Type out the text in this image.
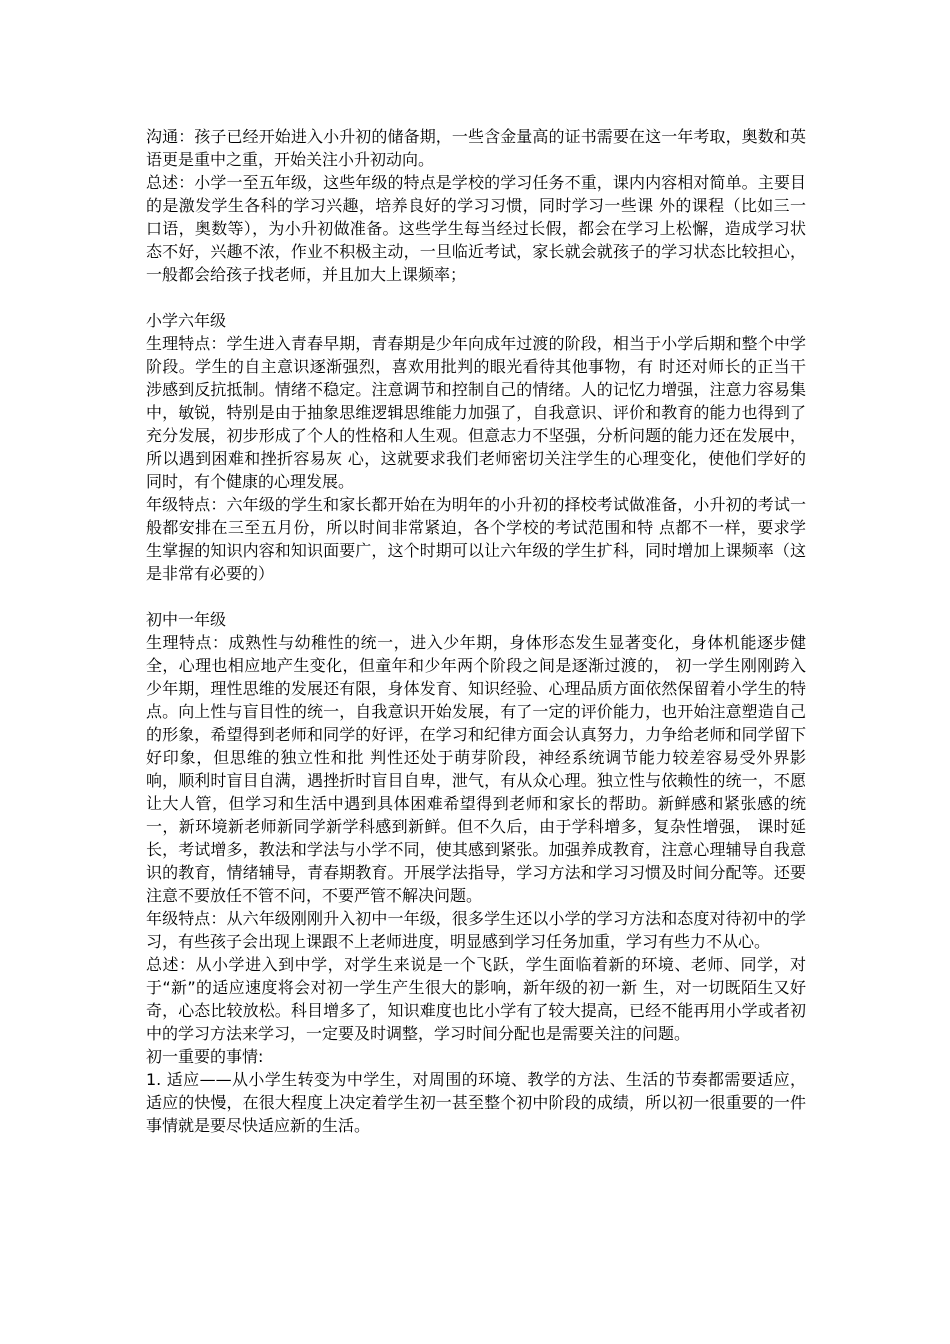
沟通：孩子已经开始进入小升初的储备期，一些含金量高的证书需要在这一年考取，奥数和英语更是重中之重，开始关注小升初动向。

总述：小学一至五年级，这些年级的特点是学校的学习任务不重，课内内容相对简单。主要目的是激发学生各科的学习兴趣，培养良好的学习习惯，同时学习一些课 外的课程（比如三一口语，奥数等），为小升初做准备。这些学生每当经过长假，都会在学习上松懈，造成学习状态不好，兴趣不浓，作业不积极主动，一旦临近考试，家长就会就孩子的学习状态比较担心，一般都会给孩子找老师，并且加大上课频率；

小学六年级

生理特点：学生进入青春早期，青春期是少年向成年过渡的阶段，相当于小学后期和整个中学阶段。学生的自主意识逐渐强烈，喜欢用批判的眼光看待其他事物，有 时还对师长的正当干涉感到反抗抵制。情绪不稳定。注意调节和控制自己的情绪。人的记忆力增强，注意力容易集中，敏锐，特别是由于抽象思维逻辑思维能力加强了，自我意识、评价和教育的能力也得到了充分发展，初步形成了个人的性格和人生观。但意志力不坚强，分析问题的能力还在发展中，所以遇到困难和挫折容易灰 心，这就要求我们老师密切关注学生的心理变化，使他们学好的同时，有个健康的心理发展。

年级特点：六年级的学生和家长都开始在为明年的小升初的择校考试做准备，小升初的考试一般都安排在三至五月份，所以时间非常紧迫，各个学校的考试范围和特 点都不一样，要求学生掌握的知识内容和知识面要广，这个时期可以让六年级的学生扩科，同时增加上课频率（这是非常有必要的）

初中一年级

生理特点：成熟性与幼稚性的统一，进入少年期，身体形态发生显著变化，身体机能逐步健全，心理也相应地产生变化，但童年和少年两个阶段之间是逐渐过渡的， 初一学生刚刚跨入少年期，理性思维的发展还有限，身体发育、知识经验、心理品质方面依然保留着小学生的特点。向上性与盲目性的统一，自我意识开始发展，有了一定的评价能力，也开始注意塑造自己的形象，希望得到老师和同学的好评，在学习和纪律方面会认真努力，力争给老师和同学留下好印象，但思维的独立性和批 判性还处于萌芽阶段，神经系统调节能力较差容易受外界影响，顺利时盲目自满，遇挫折时盲目自卑，泄气，有从众心理。独立性与依赖性的统一，不愿让大人管，但学习和生活中遇到具体困难希望得到老师和家长的帮助。新鲜感和紧张感的统一，新环境新老师新同学新学科感到新鲜。但不久后，由于学科增多，复杂性增强， 课时延长，考试增多，教法和学法与小学不同，使其感到紧张。加强养成教育，注意心理辅导自我意识的教育，情绪辅导，青春期教育。开展学法指导，学习方法和学习习惯及时间分配等。还要注意不要放任不管不问，不要严管不解决问题。

年级特点：从六年级刚刚升入初中一年级，很多学生还以小学的学习方法和态度对待初中的学习，有些孩子会出现上课跟不上老师进度，明显感到学习任务加重，学习有些力不从心。

总述：从小学进入到中学，对学生来说是一个飞跃，学生面临着新的环境、老师、同学，对于“新”的适应速度将会对初一学生产生很大的影响，新年级的初一新 生，对一切既陌生又好奇，心态比较放松。科目增多了，知识难度也比小学有了较大提高，已经不能再用小学或者初中的学习方法来学习，一定要及时调整，学习时间分配也是需要关注的问题。

初一重要的事情:

1. 适应——从小学生转变为中学生，对周围的环境、教学的方法、生活的节奏都需要适应，适应的快慢，在很大程度上决定着学生初一甚至整个初中阶段的成绩，所以初一很重要的一件事情就是要尽快适应新的生活。
